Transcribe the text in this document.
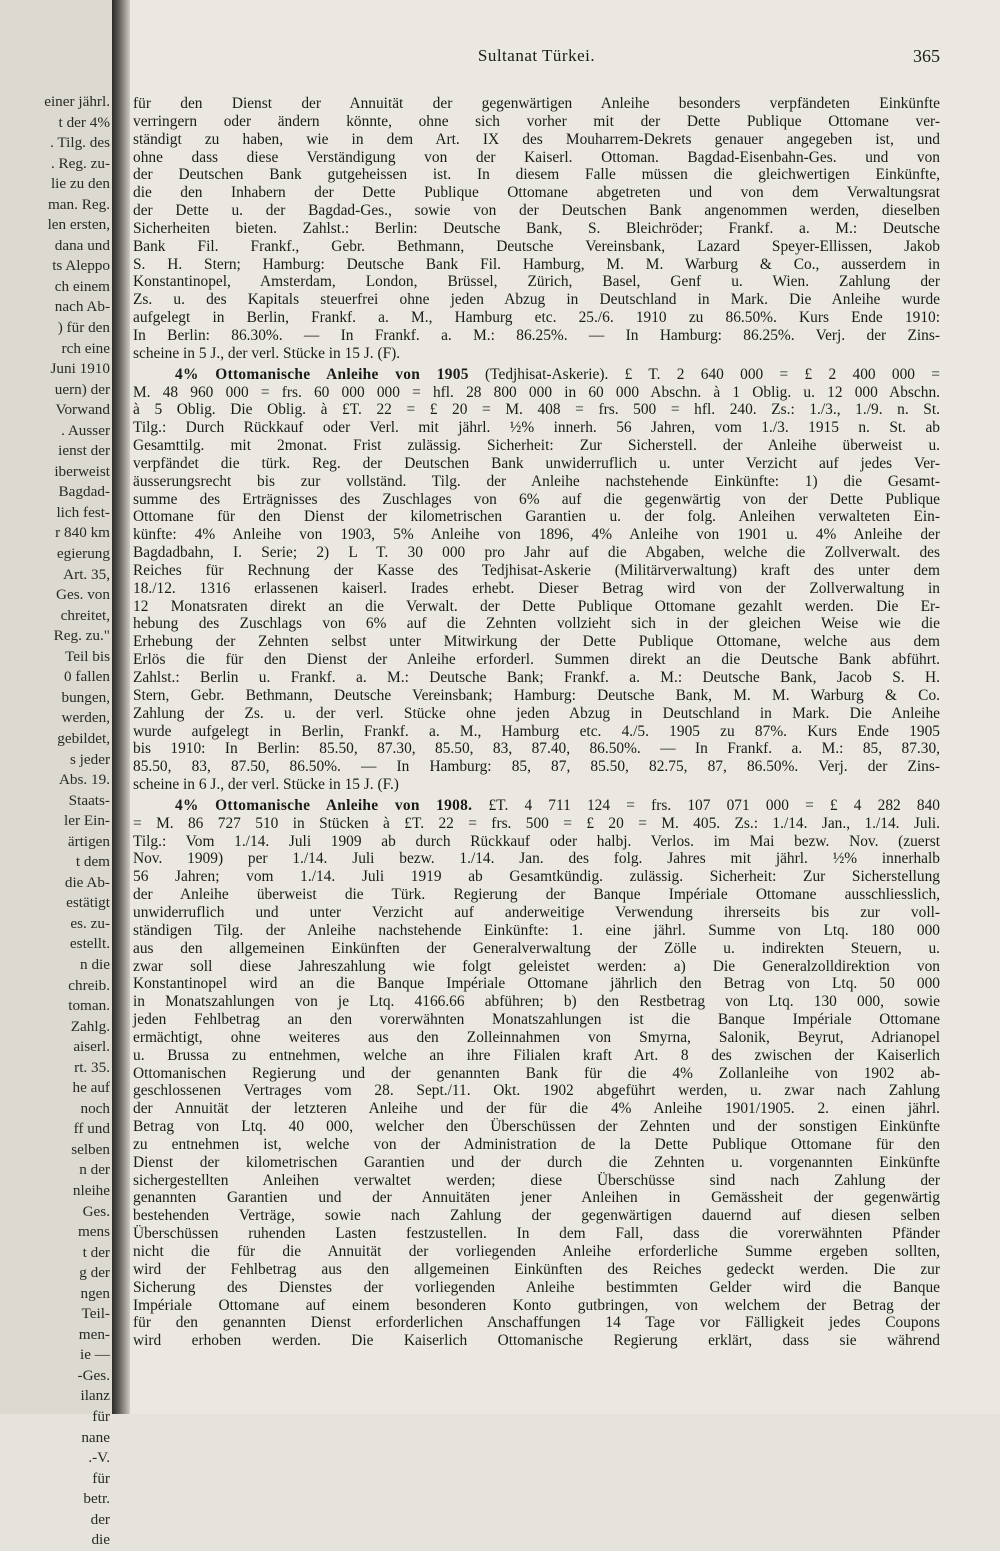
einer jährl.
t der 4%
. Tilg. des
. Reg. zu-
lie zu den
man. Reg.
len ersten,
dana und
ts Aleppo
ch einem
nach Ab-
) für den
rch eine
Juni 1910
uern) der
Vorwand
. Ausser
ienst der
iberweist
Bagdad-
lich fest-
r 840 km
egierung
Art. 35,
Ges. von
chreitet,
Reg. zu."
Teil bis
0 fallen
bungen,
werden,
gebildet,
s jeder
Abs. 19.
Staats-
ler Ein-
ärtigen
t dem
die Ab-
estätigt
es. zu-
estellt.
n die
chreib.
toman.
Zahlg.
aiserl.
rt. 35.
he auf
noch
ff und
selben
n der
nleihe
Ges.
mens
t der
g der
ngen
Teil-
men-
ie —
-Ges.
ilanz
für
nane
.-V.
für
betr.
der
die
Sultanat Türkei.	365
für den Dienst der Annuität der gegenwärtigen Anleihe besonders verpfändeten Einkünfte
verringern oder ändern könnte, ohne sich vorher mit der Dette Publique Ottomane ver-
ständigt zu haben, wie in dem Art. IX des Mouharrem-Dekrets genauer angegeben ist, und
ohne dass diese Verständigung von der Kaiserl. Ottoman. Bagdad-Eisenbahn-Ges. und von
der Deutschen Bank gutgeheissen ist. In diesem Falle müssen die gleichwertigen Einkünfte,
die den Inhabern der Dette Publique Ottomane abgetreten und von dem Verwaltungsrat
der Dette u. der Bagdad-Ges., sowie von der Deutschen Bank angenommen werden, dieselben
Sicherheiten bieten. Zahlst.: Berlin: Deutsche Bank, S. Bleichröder; Frankf. a. M.: Deutsche
Bank Fil. Frankf., Gebr. Bethmann, Deutsche Vereinsbank, Lazard Speyer-Ellissen, Jakob
S. H. Stern; Hamburg: Deutsche Bank Fil. Hamburg, M. M. Warburg & Co., ausserdem in
Konstantinopel, Amsterdam, London, Brüssel, Zürich, Basel, Genf u. Wien. Zahlung der
Zs. u. des Kapitals steuerfrei ohne jeden Abzug in Deutschland in Mark. Die Anleihe wurde
aufgelegt in Berlin, Frankf. a. M., Hamburg etc. 25./6. 1910 zu 86.50%. Kurs Ende 1910:
In Berlin: 86.30%. — In Frankf. a. M.: 86.25%. — In Hamburg: 86.25%. Verj. der Zins-
scheine in 5 J., der verl. Stücke in 15 J. (F).
4% Ottomanische Anleihe von 1905 (Tedjhisat-Askerie). £ T. 2 640 000 = £ 2 400 000 =
M. 48 960 000 = frs. 60 000 000 = hfl. 28 800 000 in 60 000 Abschn. à 1 Oblig. u. 12 000 Abschn.
à 5 Oblig. Die Oblig. à £T. 22 = £ 20 = M. 408 = frs. 500 = hfl. 240. Zs.: 1./3., 1./9. n. St.
Tilg.: Durch Rückkauf oder Verl. mit jährl. ½% innerh. 56 Jahren, vom 1./3. 1915 n. St. ab
Gesamttilg. mit 2monat. Frist zulässig. Sicherheit: Zur Sicherstell. der Anleihe überweist u.
verpfändet die türk. Reg. der Deutschen Bank unwiderruflich u. unter Verzicht auf jedes Ver-
äusserungsrecht bis zur vollständ. Tilg. der Anleihe nachstehende Einkünfte: 1) die Gesamt-
summe des Erträgnisses des Zuschlages von 6% auf die gegenwärtig von der Dette Publique
Ottomane für den Dienst der kilometrischen Garantien u. der folg. Anleihen verwalteten Ein-
künfte: 4% Anleihe von 1903, 5% Anleihe von 1896, 4% Anleihe von 1901 u. 4% Anleihe der
Bagdadbahn, I. Serie; 2) L T. 30 000 pro Jahr auf die Abgaben, welche die Zollverwalt. des
Reiches für Rechnung der Kasse des Tedjhisat-Askerie (Militärverwaltung) kraft des unter dem
18./12. 1316 erlassenen kaiserl. Irades erhebt. Dieser Betrag wird von der Zollverwaltung in
12 Monatsraten direkt an die Verwalt. der Dette Publique Ottomane gezahlt werden. Die Er-
hebung des Zuschlags von 6% auf die Zehnten vollzieht sich in der gleichen Weise wie die
Erhebung der Zehnten selbst unter Mitwirkung der Dette Publique Ottomane, welche aus dem
Erlös die für den Dienst der Anleihe erforderl. Summen direkt an die Deutsche Bank abführt.
Zahlst.: Berlin u. Frankf. a. M.: Deutsche Bank; Frankf. a. M.: Deutsche Bank, Jacob S. H.
Stern, Gebr. Bethmann, Deutsche Vereinsbank; Hamburg: Deutsche Bank, M. M. Warburg & Co.
Zahlung der Zs. u. der verl. Stücke ohne jeden Abzug in Deutschland in Mark. Die Anleihe
wurde aufgelegt in Berlin, Frankf. a. M., Hamburg etc. 4./5. 1905 zu 87%. Kurs Ende 1905
bis 1910: In Berlin: 85.50, 87.30, 85.50, 83, 87.40, 86.50%. — In Frankf. a. M.: 85, 87.30,
85.50, 83, 87.50, 86.50%. — In Hamburg: 85, 87, 85.50, 82.75, 87, 86.50%. Verj. der Zins-
scheine in 6 J., der verl. Stücke in 15 J. (F.)
4% Ottomanische Anleihe von 1908. £T. 4 711 124 = frs. 107 071 000 = £ 4 282 840
= M. 86 727 510 in Stücken à £T. 22 = frs. 500 = £ 20 = M. 405. Zs.: 1./14. Jan., 1./14. Juli.
Tilg.: Vom 1./14. Juli 1909 ab durch Rückkauf oder halbj. Verlos. im Mai bezw. Nov. (zuerst
Nov. 1909) per 1./14. Juli bezw. 1./14. Jan. des folg. Jahres mit jährl. ½% innerhalb
56 Jahren; vom 1./14. Juli 1919 ab Gesamtkündig. zulässig. Sicherheit: Zur Sicherstellung
der Anleihe überweist die Türk. Regierung der Banque Impériale Ottomane ausschliesslich,
unwiderruflich und unter Verzicht auf anderweitige Verwendung ihrerseits bis zur voll-
ständigen Tilg. der Anleihe nachstehende Einkünfte: 1. eine jährl. Summe von Ltq. 180 000
aus den allgemeinen Einkünften der Generalverwaltung der Zölle u. indirekten Steuern, u.
zwar soll diese Jahreszahlung wie folgt geleistet werden: a) Die Generalzolldirektion von
Konstantinopel wird an die Banque Impériale Ottomane jährlich den Betrag von Ltq. 50 000
in Monatszahlungen von je Ltq. 4166.66 abführen; b) den Restbetrag von Ltq. 130 000, sowie
jeden Fehlbetrag an den vorerwähnten Monatszahlungen ist die Banque Impériale Ottomane
ermächtigt, ohne weiteres aus den Zolleinnahmen von Smyrna, Salonik, Beyrut, Adrianopel
u. Brussa zu entnehmen, welche an ihre Filialen kraft Art. 8 des zwischen der Kaiserlich
Ottomanischen Regierung und der genannten Bank für die 4% Zollanleihe von 1902 ab-
geschlossenen Vertrages vom 28. Sept./11. Okt. 1902 abgeführt werden, u. zwar nach Zahlung
der Annuität der letzteren Anleihe und der für die 4% Anleihe 1901/1905. 2. einen jährl.
Betrag von Ltq. 40 000, welcher den Überschüssen der Zehnten und der sonstigen Einkünfte
zu entnehmen ist, welche von der Administration de la Dette Publique Ottomane für den
Dienst der kilometrischen Garantien und der durch die Zehnten u. vorgenannten Einkünfte
sichergestellten Anleihen verwaltet werden; diese Überschüsse sind nach Zahlung der
genannten Garantien und der Annuitäten jener Anleihen in Gemässheit der gegenwärtig
bestehenden Verträge, sowie nach Zahlung der gegenwärtigen dauernd auf diesen selben
Überschüssen ruhenden Lasten festzustellen. In dem Fall, dass die vorerwähnten Pfänder
nicht die für die Annuität der vorliegenden Anleihe erforderliche Summe ergeben sollten,
wird der Fehlbetrag aus den allgemeinen Einkünften des Reiches gedeckt werden. Die zur
Sicherung des Dienstes der vorliegenden Anleihe bestimmten Gelder wird die Banque
Impériale Ottomane auf einem besonderen Konto gutbringen, von welchem der Betrag der
für den genannten Dienst erforderlichen Anschaffungen 14 Tage vor Fälligkeit jedes Coupons
wird erhoben werden. Die Kaiserlich Ottomanische Regierung erklärt, dass sie während
